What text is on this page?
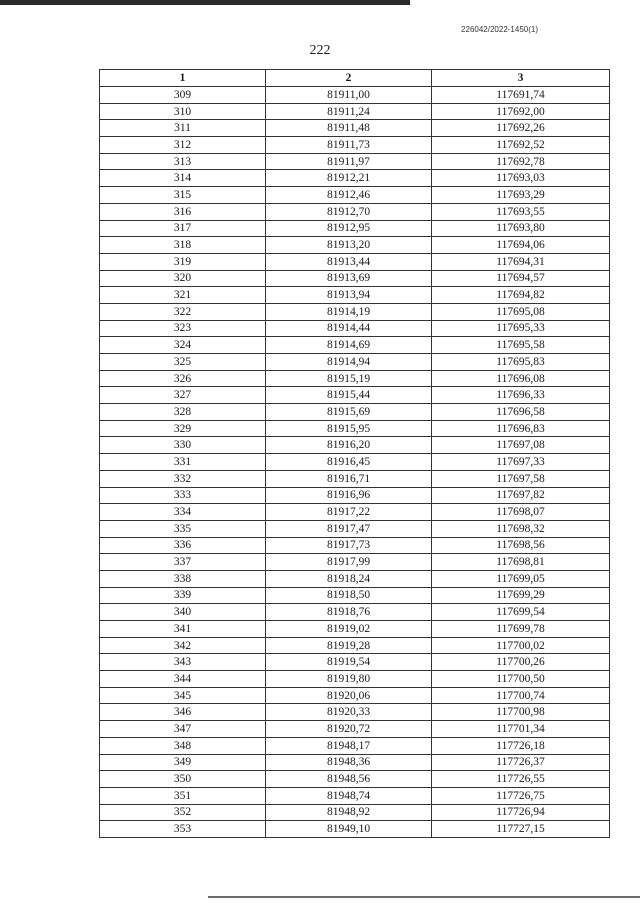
226042/2022-1450(1)
222
1	2	3
309	81911,00	117691,74
310	81911,24	117692,00
311	81911,48	117692,26
312	81911,73	117692,52
313	81911,97	117692,78
314	81912,21	117693,03
315	81912,46	117693,29
316	81912,70	117693,55
317	81912,95	117693,80
318	81913,20	117694,06
319	81913,44	117694,31
320	81913,69	117694,57
321	81913,94	117694,82
322	81914,19	117695,08
323	81914,44	117695,33
324	81914,69	117695,58
325	81914,94	117695,83
326	81915,19	117696,08
327	81915,44	117696,33
328	81915,69	117696,58
329	81915,95	117696,83
330	81916,20	117697,08
331	81916,45	117697,33
332	81916,71	117697,58
333	81916,96	117697,82
334	81917,22	117698,07
335	81917,47	117698,32
336	81917,73	117698,56
337	81917,99	117698,81
338	81918,24	117699,05
339	81918,50	117699,29
340	81918,76	117699,54
341	81919,02	117699,78
342	81919,28	117700,02
343	81919,54	117700,26
344	81919,80	117700,50
345	81920,06	117700,74
346	81920,33	117700,98
347	81920,72	117701,34
348	81948,17	117726,18
349	81948,36	117726,37
350	81948,56	117726,55
351	81948,74	117726,75
352	81948,92	117726,94
353	81949,10	117727,15
